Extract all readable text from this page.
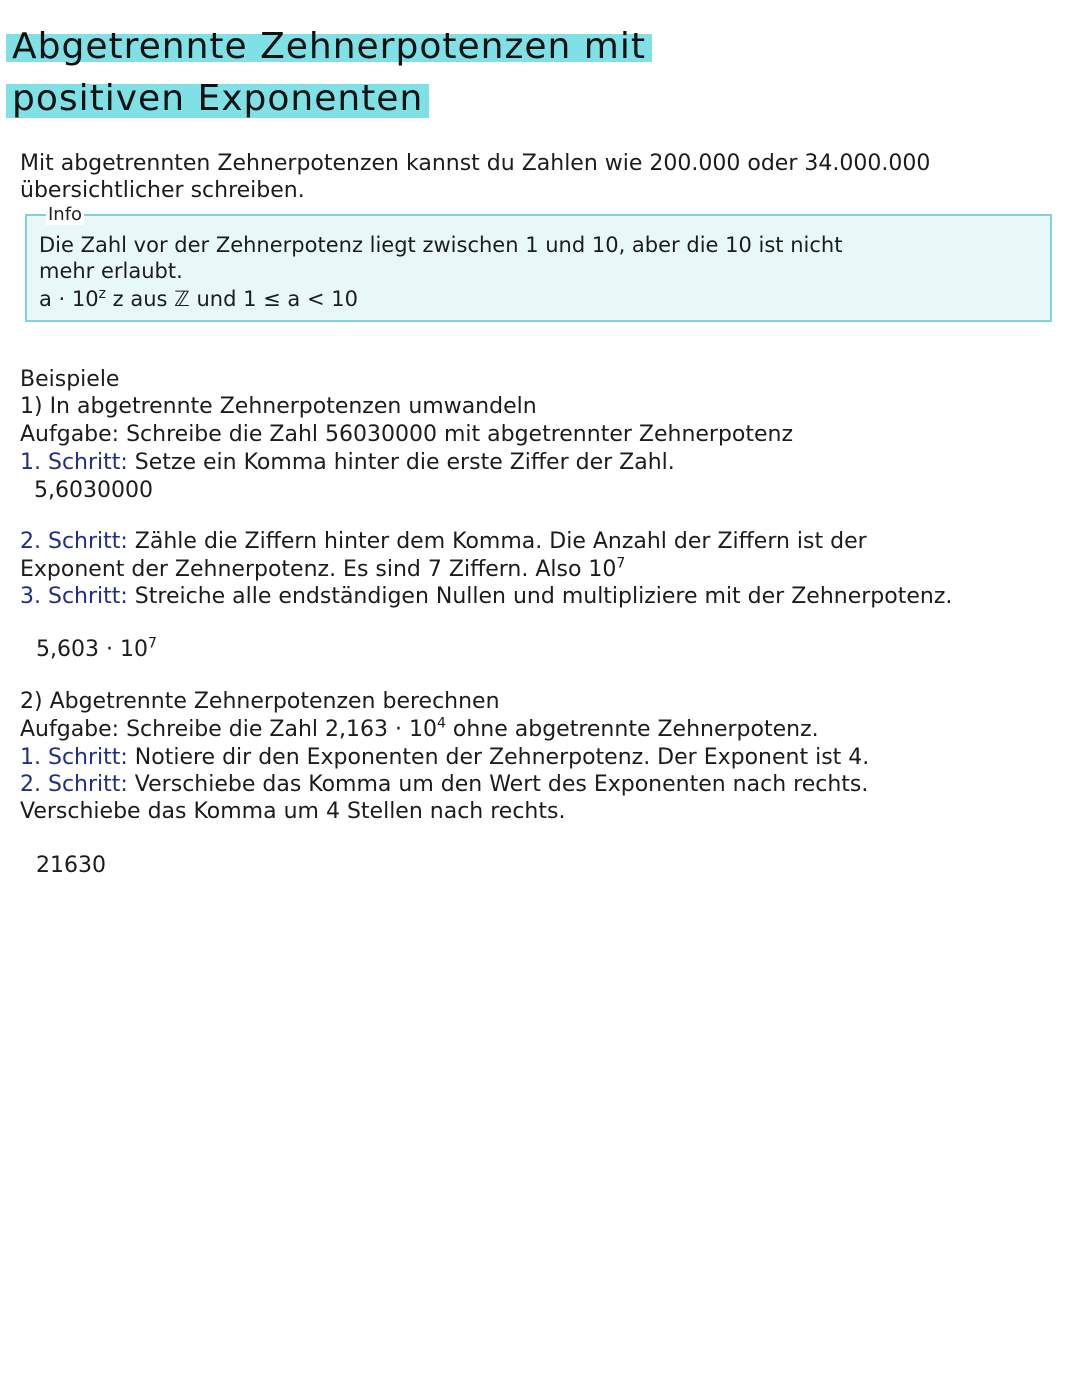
Abgetrennte Zehnerpotenzen mit
positiven Exponenten
Mit abgetrennten Zehnerpotenzen kannst du Zahlen wie 200.000 oder 34.000.000
übersichtlicher schreiben.
Die Zahl vor der Zehnerpotenz liegt zwischen 1 und 10, aber die 10 ist nicht
mehr erlaubt.
$a \cdot 10^z$ z aus ℤ und 1 ≤ a < 10
Info
Beispiele
1) In abgetrennte Zehnerpotenzen umwandeln
Aufgabe: Schreibe die Zahl 56030000 mit abgetrennter Zehnerpotenz
1. Schritt: Setze ein Komma hinter die erste Ziffer der Zahl.
5,6030000
2. Schritt: Zähle die Ziffern hinter dem Komma. Die Anzahl der Ziffern ist der
Exponent der Zehnerpotenz. Es sind 7 Ziffern. Also $10^7$
3. Schritt: Streiche alle endständigen Nullen und multipliziere mit der Zehnerpotenz.
$5,603 \cdot 10^7$
2) Abgetrennte Zehnerpotenzen berechnen
Aufgabe: Schreibe die Zahl $2,163 \cdot 10^4$ ohne abgetrennte Zehnerpotenz.
1. Schritt: Notiere dir den Exponenten der Zehnerpotenz. Der Exponent ist 4.
2. Schritt: Verschiebe das Komma um den Wert des Exponenten nach rechts.
Verschiebe das Komma um 4 Stellen nach rechts.
21630
